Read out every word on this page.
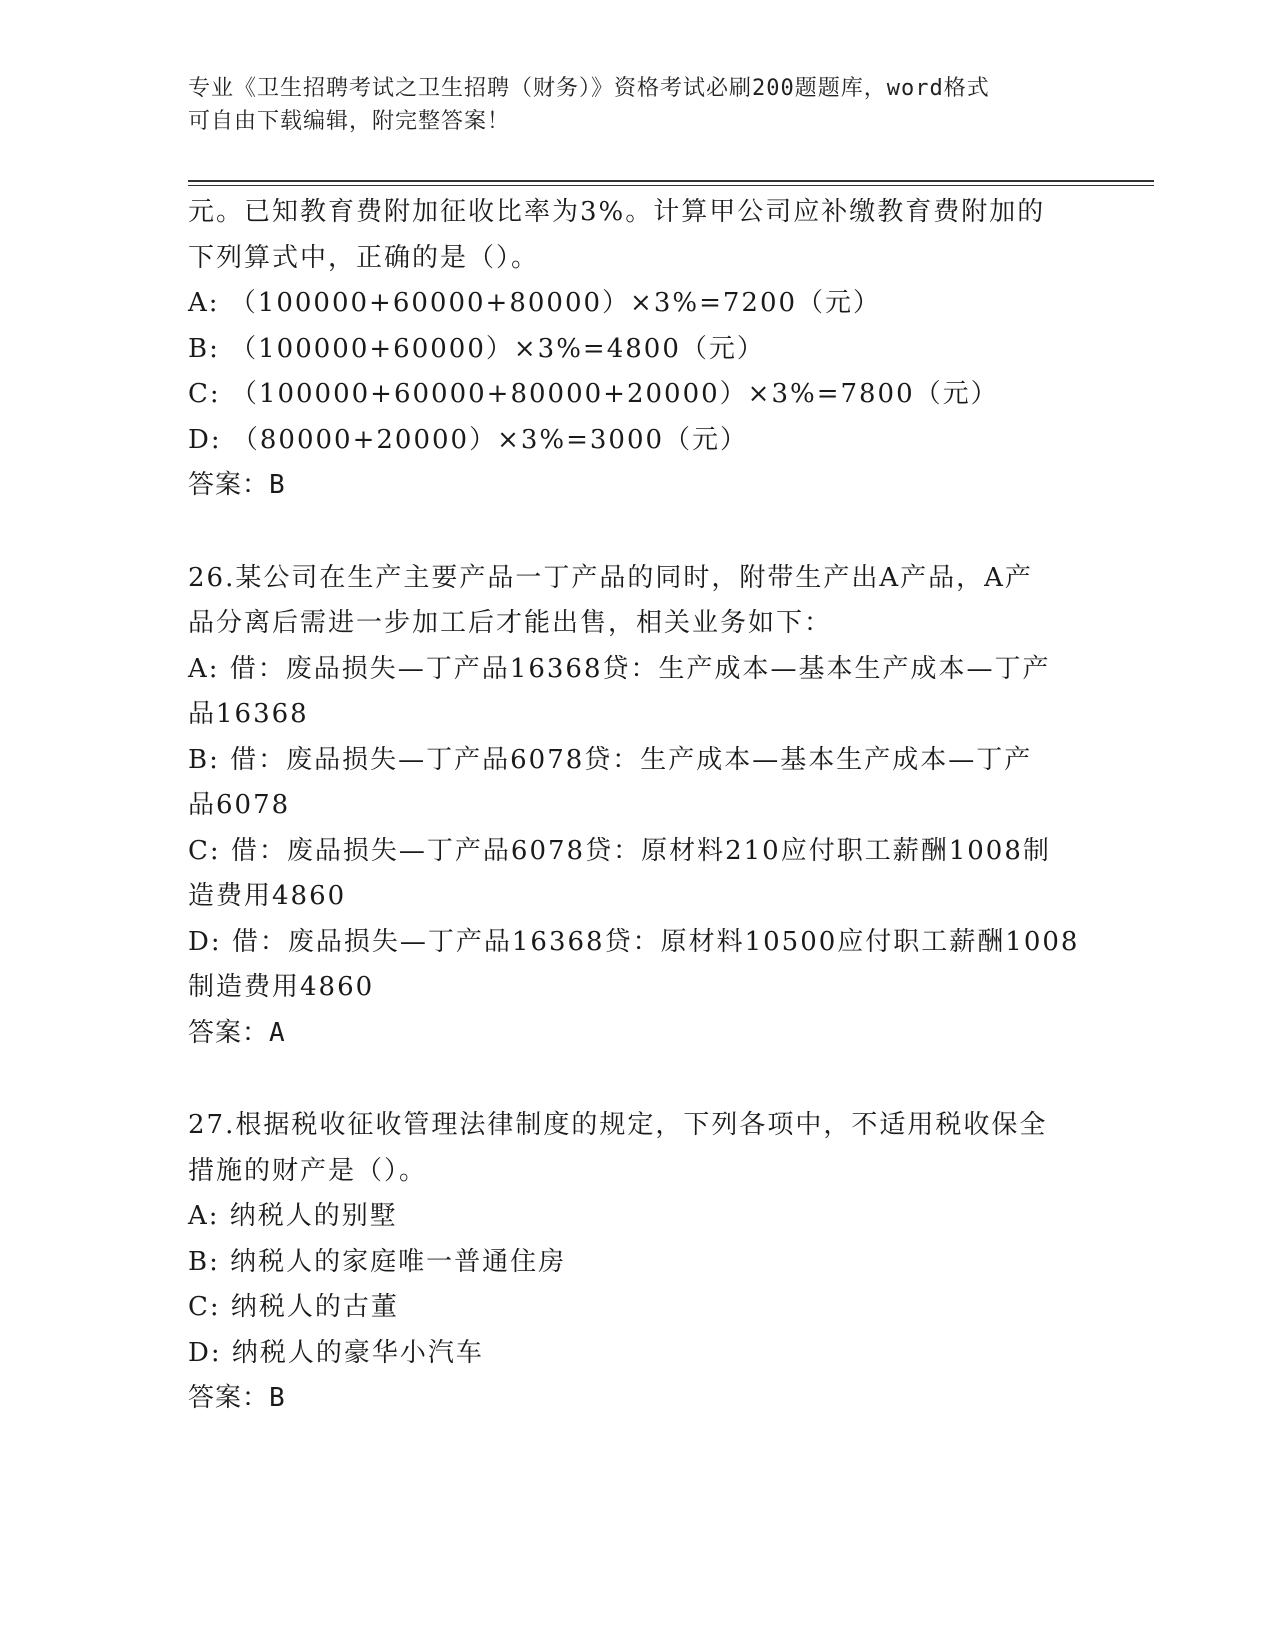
专业《卫生招聘考试之卫生招聘（财务）》资格考试必刷200题题库，word格式
可自由下载编辑，附完整答案！
元。已知教育费附加征收比率为3%。计算甲公司应补缴教育费附加的
下列算式中，正确的是（）。
A: （100000+60000+80000）×3%=7200（元）
B: （100000+60000）×3%=4800（元）
C: （100000+60000+80000+20000）×3%=7800（元）
D: （80000+20000）×3%=3000（元）
答案：B
26.某公司在生产主要产品一丁产品的同时，附带生产出A产品，A产
品分离后需进一步加工后才能出售，相关业务如下：
A: 借：废品损失—丁产品16368贷：生产成本—基本生产成本—丁产
品16368
B: 借：废品损失—丁产品6078贷：生产成本—基本生产成本—丁产
品6078
C: 借：废品损失—丁产品6078贷：原材料210应付职工薪酬1008制
造费用4860
D: 借：废品损失—丁产品16368贷：原材料10500应付职工薪酬1008
制造费用4860
答案：A
27.根据税收征收管理法律制度的规定，下列各项中，不适用税收保全
措施的财产是（）。
A: 纳税人的别墅
B: 纳税人的家庭唯一普通住房
C: 纳税人的古董
D: 纳税人的豪华小汽车
答案：B
